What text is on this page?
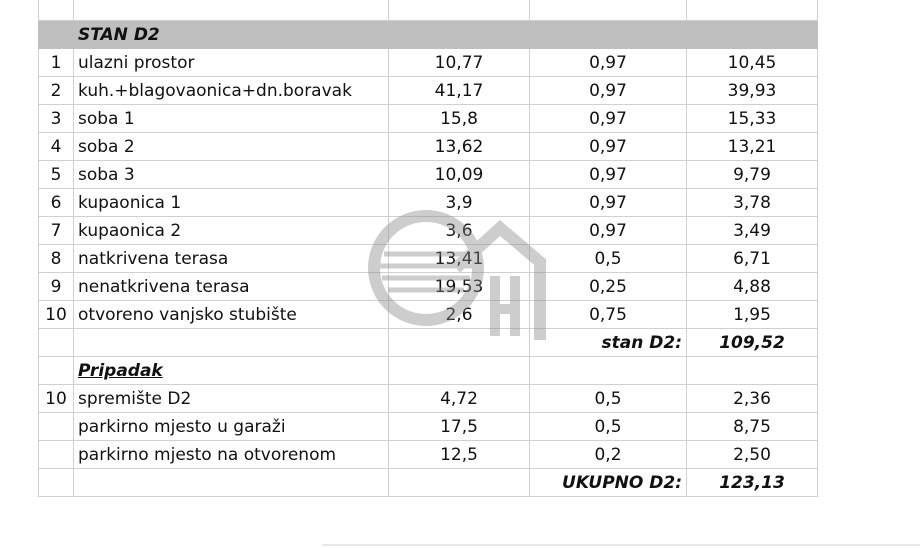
	STAN D2			
1	ulazni prostor	10,77	0,97	10,45
2	kuh.+blagovaonica+dn.boravak	41,17	0,97	39,93
3	soba 1	15,8	0,97	15,33
4	soba 2	13,62	0,97	13,21
5	soba 3	10,09	0,97	9,79
6	kupaonica 1	3,9	0,97	3,78
7	kupaonica 2	3,6	0,97	3,49
8	natkrivena terasa	13,41	0,5	6,71
9	nenatkrivena terasa	19,53	0,25	4,88
10	otvoreno vanjsko stubište	2,6	0,75	1,95
			stan D2:	109,52
	Pripadak			
10	spremište D2	4,72	0,5	2,36
	parkirno mjesto u garaži	17,5	0,5	8,75
	parkirno mjesto na otvorenom	12,5	0,2	2,50
			UKUPNO D2:	123,13
